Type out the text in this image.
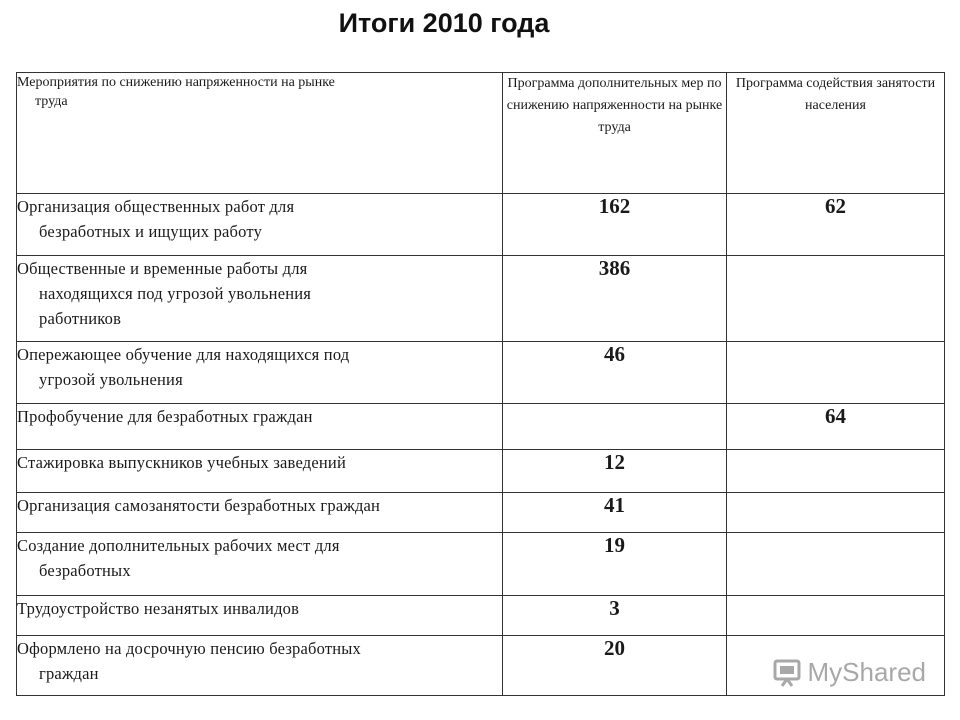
Итоги 2010 года
Мероприятия по снижению напряженности на рынке
труда	Программа дополнительных мер по снижению напряженности на рынке труда	Программа содействия занятости населения
Организация общественных работ для
безработных и ищущих работу	162	62
Общественные и временные работы для
находящихся под угрозой увольнения
работников	386	
Опережающее обучение для находящихся под
угрозой увольнения	46	
Профобучение для безработных граждан		64
Стажировка выпускников учебных заведений	12	
Организация самозанятости безработных граждан	41	
Создание дополнительных рабочих мест для
безработных	19	
Трудоустройство незанятых инвалидов	3	
Оформлено на досрочную пенсию безработных
граждан	20	
MyShared
